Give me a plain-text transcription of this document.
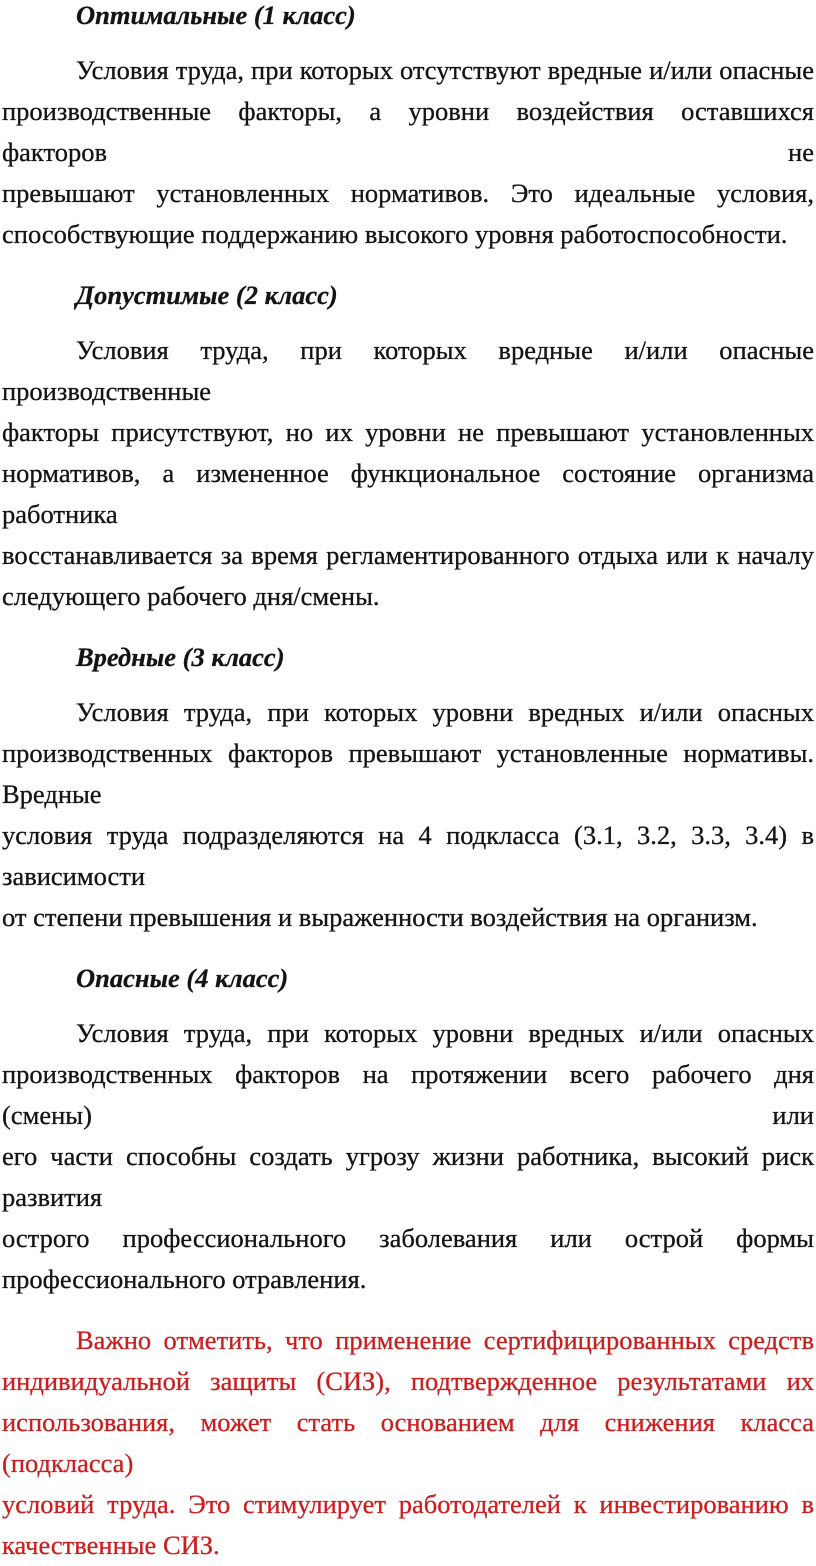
Оптимальные (1 класс)
Условия труда, при которых отсутствуют вредные и/или опасные
производственные факторы, а уровни воздействия оставшихся факторов не
превышают установленных нормативов. Это идеальные условия,
способствующие поддержанию высокого уровня работоспособности.
Допустимые (2 класс)
Условия труда, при которых вредные и/или опасные производственные
факторы присутствуют, но их уровни не превышают установленных
нормативов, а измененное функциональное состояние организма работника
восстанавливается за время регламентированного отдыха или к началу
следующего рабочего дня/смены.
Вредные (3 класс)
Условия труда, при которых уровни вредных и/или опасных
производственных факторов превышают установленные нормативы. Вредные
условия труда подразделяются на 4 подкласса (3.1, 3.2, 3.3, 3.4) в зависимости
от степени превышения и выраженности воздействия на организм.
Опасные (4 класс)
Условия труда, при которых уровни вредных и/или опасных
производственных факторов на протяжении всего рабочего дня (смены) или
его части способны создать угрозу жизни работника, высокий риск развития
острого профессионального заболевания или острой формы
профессионального отравления.
Важно отметить, что применение сертифицированных средств
индивидуальной защиты (СИЗ), подтвержденное результатами их
использования, может стать основанием для снижения класса (подкласса)
условий труда. Это стимулирует работодателей к инвестированию в
качественные СИЗ.
